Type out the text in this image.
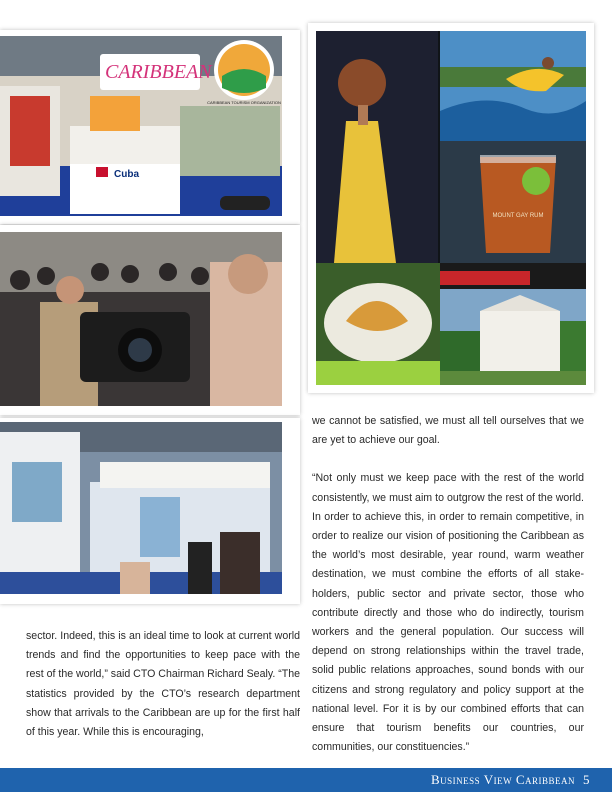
CARIBBEAN
CARIBBEAN TOURISM ORGANIZATION
Cuba
MOUNT GAY RUM

sector. Indeed, this is an ideal time to look at current world trends and find the opportunities to keep pace with the rest of the world,” said CTO Chairman Richard Sealy. “The statistics provided by the CTO’s research department show that arrivals to the Caribbean are up for the first half of this year. While this is encouraging,

we cannot be satisfied, we must all tell ourselves that we are yet to achieve our goal.

“Not only must we keep pace with the rest of the world consistently, we must aim to outgrow the rest of the world. In order to achieve this, in order to remain competitive, in order to realize our vision of positioning the Caribbean as the world’s most desirable, year round, warm weather destination, we must combine the efforts of all stake-holders, public sector and private sector, those who contribute directly and those who do indirectly, tourism workers and the general population. Our success will depend on strong relationships within the travel trade, solid public relations approaches, sound bonds with our citizens and strong regulatory and policy support at the national level. For it is by our combined efforts that can ensure that tourism benefits our countries, our communities, our constituencies.”

Business View Caribbean 5
